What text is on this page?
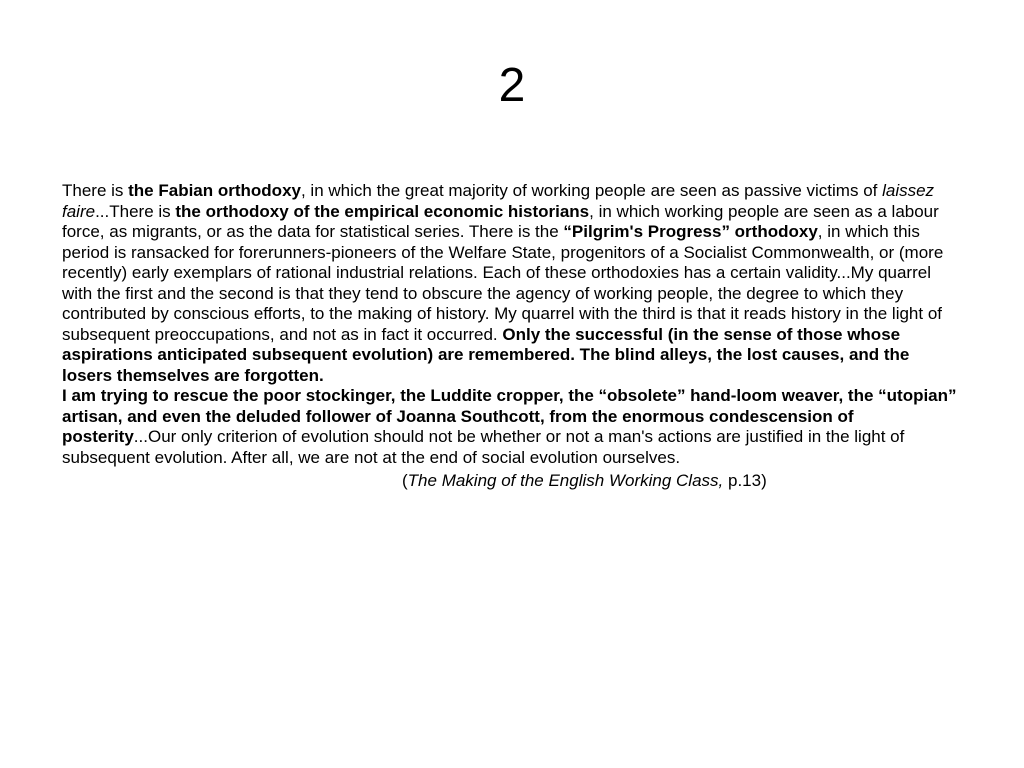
2

There is the Fabian orthodoxy, in which the great majority of working people are seen as passive victims of laissez faire...There is the orthodoxy of the empirical economic historians, in which working people are seen as a labour force, as migrants, or as the data for statistical series. There is the “Pilgrim's Progress” orthodoxy, in which this period is ransacked for forerunners-pioneers of the Welfare State, progenitors of a Socialist Commonwealth, or (more recently) early exemplars of rational industrial relations. Each of these orthodoxies has a certain validity...My quarrel with the first and the second is that they tend to obscure the agency of working people, the degree to which they contributed by conscious efforts, to the making of history. My quarrel with the third is that it reads history in the light of subsequent preoccupations, and not as in fact it occurred. Only the successful (in the sense of those whose aspirations anticipated subsequent evolution) are remembered. The blind alleys, the lost causes, and the losers themselves are forgotten.

I am trying to rescue the poor stockinger, the Luddite cropper, the “obsolete” hand-loom weaver, the “utopian” artisan, and even the deluded follower of Joanna Southcott, from the enormous condescension of posterity...Our only criterion of evolution should not be whether or not a man's actions are justified in the light of subsequent evolution. After all, we are not at the end of social evolution ourselves.

(The Making of the English Working Class, p.13)
